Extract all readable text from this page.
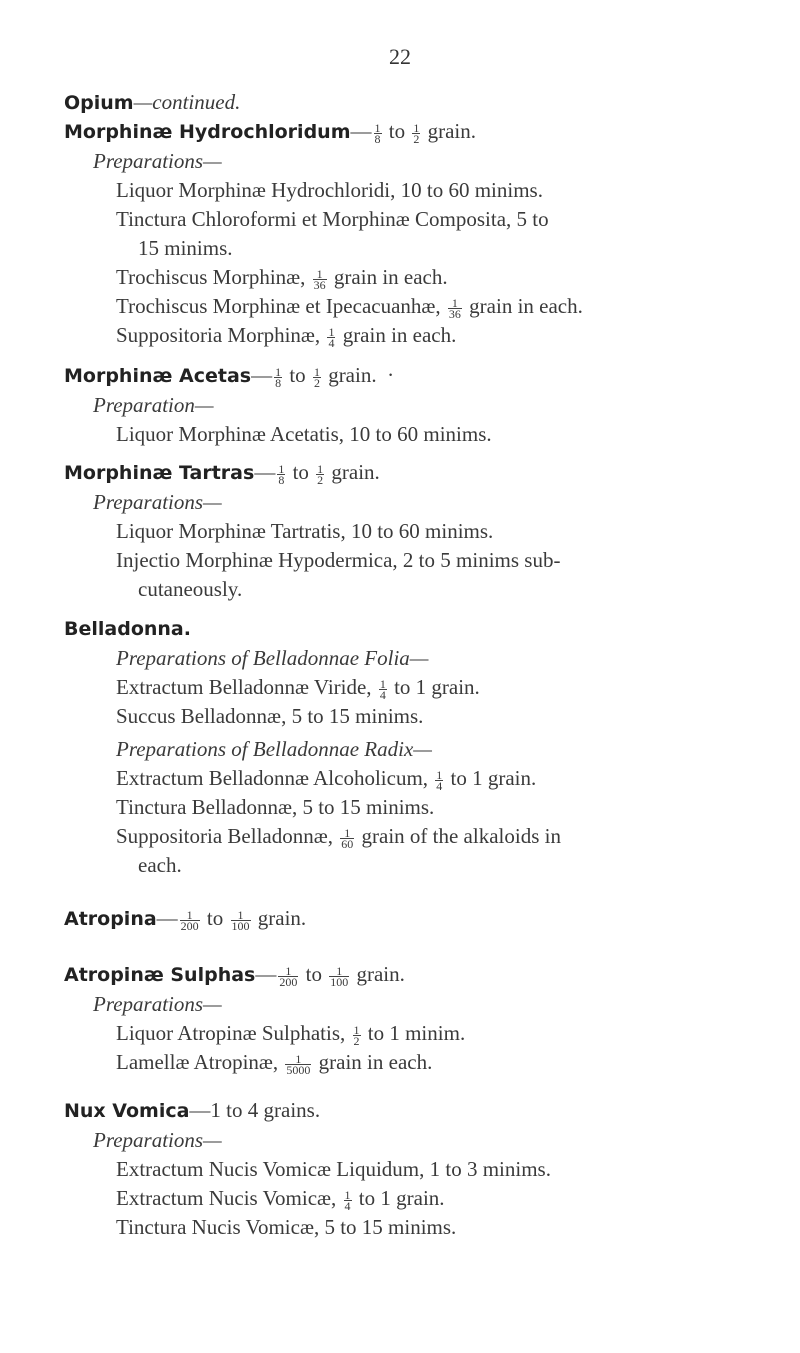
22
Opium—continued.
Morphinæ Hydrochloridum— $\frac{1}{8}$ to $\frac{1}{2}$ grain.
Preparations—
Liquor Morphinæ Hydrochloridi, 10 to 60 minims.
Tinctura Chloroformi et Morphinæ Composita, 5 to
15 minims.
Trochiscus Morphinæ, $\frac{1}{36}$ grain in each.
Trochiscus Morphinæ et Ipecacuanhæ, $\frac{1}{36}$ grain in each.
Suppositoria Morphinæ, $\frac{1}{4}$ grain in each.
Morphinæ Acetas— $\frac{1}{8}$ to $\frac{1}{2}$ grain. ·
Preparation—
Liquor Morphinæ Acetatis, 10 to 60 minims.
Morphinæ Tartras— $\frac{1}{8}$ to $\frac{1}{2}$ grain.
Preparations—
Liquor Morphinæ Tartratis, 10 to 60 minims.
Injectio Morphinæ Hypodermica, 2 to 5 minims sub-
cutaneously.
Belladonna.
Preparations of Belladonnae Folia—
Extractum Belladonnæ Viride, $\frac{1}{4}$ to 1 grain.
Succus Belladonnæ, 5 to 15 minims.
Preparations of Belladonnae Radix—
Extractum Belladonnæ Alcoholicum, $\frac{1}{4}$ to 1 grain.
Tinctura Belladonnæ, 5 to 15 minims.
Suppositoria Belladonnæ, $\frac{1}{60}$ grain of the alkaloids in
each.
Atropina— $\frac{1}{200}$ to $\frac{1}{100}$ grain.
Atropinæ Sulphas— $\frac{1}{200}$ to $\frac{1}{100}$ grain.
Preparations—
Liquor Atropinæ Sulphatis, $\frac{1}{2}$ to 1 minim.
Lamellæ Atropinæ, $\frac{1}{5000}$ grain in each.
Nux Vomica—1 to 4 grains.
Preparations—
Extractum Nucis Vomicæ Liquidum, 1 to 3 minims.
Extractum Nucis Vomicæ, $\frac{1}{4}$ to 1 grain.
Tinctura Nucis Vomicæ, 5 to 15 minims.
